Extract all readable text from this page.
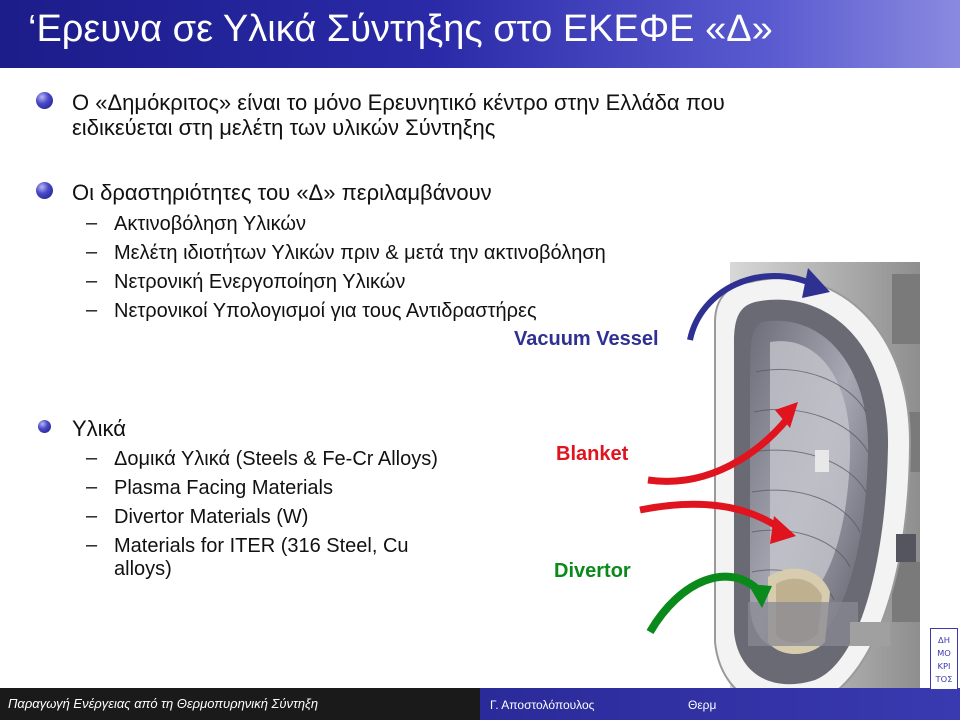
‘Ερευνα σε Υλικά Σύντηξης στο ΕΚΕΦΕ «Δ»
Ο «Δημόκριτος» είναι το μόνο Ερευνητικό κέντρο στην Ελλάδα που
ειδικεύεται στη μελέτη των υλικών Σύντηξης
Οι δραστηριότητες του «Δ» περιλαμβάνουν
– Ακτινοβόληση Υλικών
– Μελέτη ιδιοτήτων Υλικών πριν & μετά την ακτινοβόληση
– Νετρονική Ενεργοποίηση Υλικών
– Νετρονικοί Υπολογισμοί για τους Αντιδραστήρες
Υλικά
– Δομικά Υλικά (Steels & Fe-Cr Alloys)
– Plasma Facing Materials
– Divertor Materials (W)
– Materials for ITER (316 Steel, Cu
alloys)
Vacuum Vessel
Blanket
Divertor
Παραγωγή Ενέργειας από τη Θερμοπυρηνική Σύντηξη	Γ. Αποστολόπουλος	Θερμ
ΔΗ
ΜΟ
ΚΡΙ
ΤΟΣ
